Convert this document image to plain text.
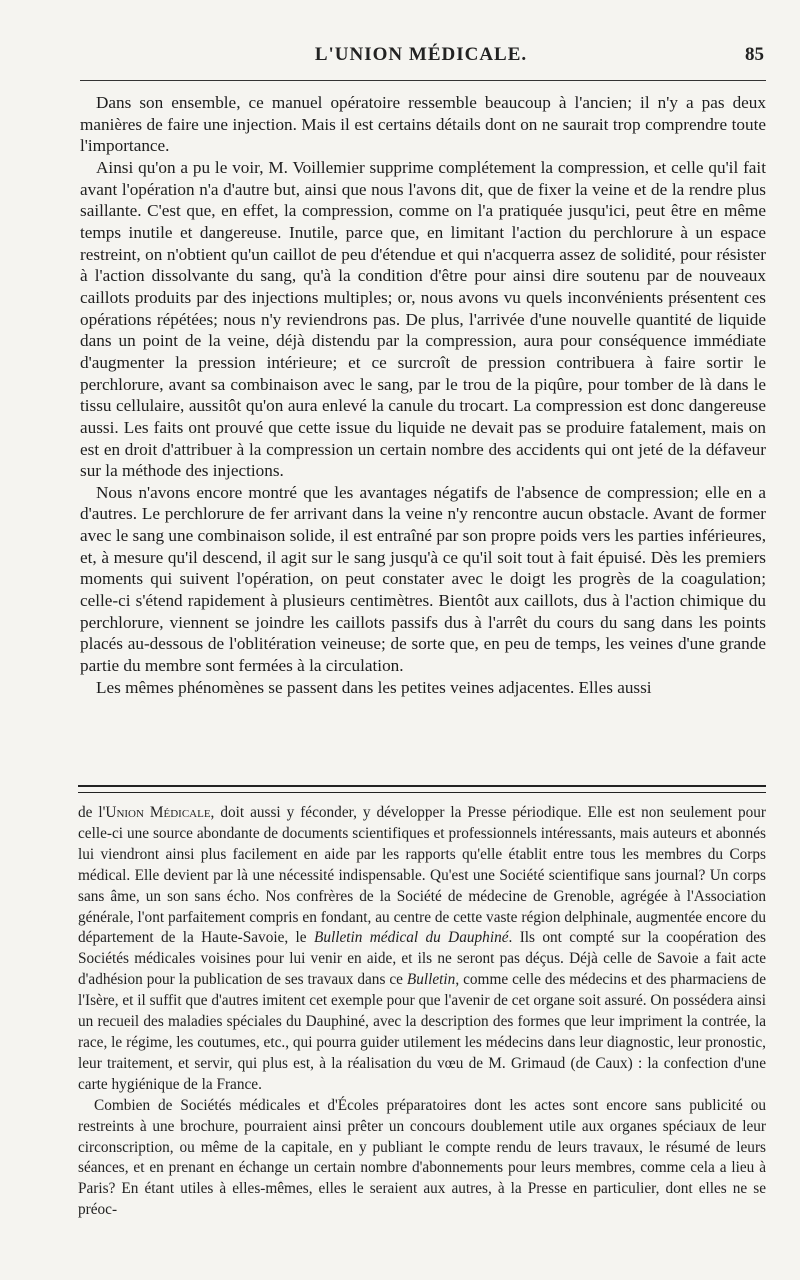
L'UNION MÉDICALE.	85

Dans son ensemble, ce manuel opératoire ressemble beaucoup à l'ancien; il n'y a pas deux manières de faire une injection. Mais il est certains détails dont on ne saurait trop comprendre toute l'importance.

Ainsi qu'on a pu le voir, M. Voillemier supprime complétement la compression, et celle qu'il fait avant l'opération n'a d'autre but, ainsi que nous l'avons dit, que de fixer la veine et de la rendre plus saillante. C'est que, en effet, la compression, comme on l'a pratiquée jusqu'ici, peut être en même temps inutile et dangereuse. Inutile, parce que, en limitant l'action du perchlorure à un espace restreint, on n'obtient qu'un caillot de peu d'étendue et qui n'acquerra assez de solidité, pour résister à l'action dissolvante du sang, qu'à la condition d'être pour ainsi dire soutenu par de nouveaux caillots produits par des injections multiples; or, nous avons vu quels inconvénients présentent ces opérations répétées; nous n'y reviendrons pas. De plus, l'arrivée d'une nouvelle quantité de liquide dans un point de la veine, déjà distendu par la compression, aura pour conséquence immédiate d'augmenter la pression intérieure; et ce surcroît de pression contribuera à faire sortir le perchlorure, avant sa combinaison avec le sang, par le trou de la piqûre, pour tomber de là dans le tissu cellulaire, aussitôt qu'on aura enlevé la canule du trocart. La compression est donc dangereuse aussi. Les faits ont prouvé que cette issue du liquide ne devait pas se produire fatalement, mais on est en droit d'attribuer à la compression un certain nombre des accidents qui ont jeté de la défaveur sur la méthode des injections.

Nous n'avons encore montré que les avantages négatifs de l'absence de compression; elle en a d'autres. Le perchlorure de fer arrivant dans la veine n'y rencontre aucun obstacle. Avant de former avec le sang une combinaison solide, il est entraîné par son propre poids vers les parties inférieures, et, à mesure qu'il descend, il agit sur le sang jusqu'à ce qu'il soit tout à fait épuisé. Dès les premiers moments qui suivent l'opération, on peut constater avec le doigt les progrès de la coagulation; celle-ci s'étend rapidement à plusieurs centimètres. Bientôt aux caillots, dus à l'action chimique du perchlorure, viennent se joindre les caillots passifs dus à l'arrêt du cours du sang dans les points placés au-dessous de l'oblitération veineuse; de sorte que, en peu de temps, les veines d'une grande partie du membre sont fermées à la circulation.

Les mêmes phénomènes se passent dans les petites veines adjacentes. Elles aussi

de l'Union Médicale, doit aussi y féconder, y développer la Presse périodique. Elle est non seulement pour celle-ci une source abondante de documents scientifiques et professionnels intéressants, mais auteurs et abonnés lui viendront ainsi plus facilement en aide par les rapports qu'elle établit entre tous les membres du Corps médical. Elle devient par là une nécessité indispensable. Qu'est une Société scientifique sans journal? Un corps sans âme, un son sans écho. Nos confrères de la Société de médecine de Grenoble, agrégée à l'Association générale, l'ont parfaitement compris en fondant, au centre de cette vaste région delphinale, augmentée encore du département de la Haute-Savoie, le Bulletin médical du Dauphiné. Ils ont compté sur la coopération des Sociétés médicales voisines pour lui venir en aide, et ils ne seront pas déçus. Déjà celle de Savoie a fait acte d'adhésion pour la publication de ses travaux dans ce Bulletin, comme celle des médecins et des pharmaciens de l'Isère, et il suffit que d'autres imitent cet exemple pour que l'avenir de cet organe soit assuré. On possédera ainsi un recueil des maladies spéciales du Dauphiné, avec la description des formes que leur impriment la contrée, la race, le régime, les coutumes, etc., qui pourra guider utilement les médecins dans leur diagnostic, leur pronostic, leur traitement, et servir, qui plus est, à la réalisation du vœu de M. Grimaud (de Caux) : la confection d'une carte hygiénique de la France.

Combien de Sociétés médicales et d'Écoles préparatoires dont les actes sont encore sans publicité ou restreints à une brochure, pourraient ainsi prêter un concours doublement utile aux organes spéciaux de leur circonscription, ou même de la capitale, en y publiant le compte rendu de leurs travaux, le résumé de leurs séances, et en prenant en échange un certain nombre d'abonnements pour leurs membres, comme cela a lieu à Paris? En étant utiles à elles-mêmes, elles le seraient aux autres, à la Presse en particulier, dont elles ne se préoc-
